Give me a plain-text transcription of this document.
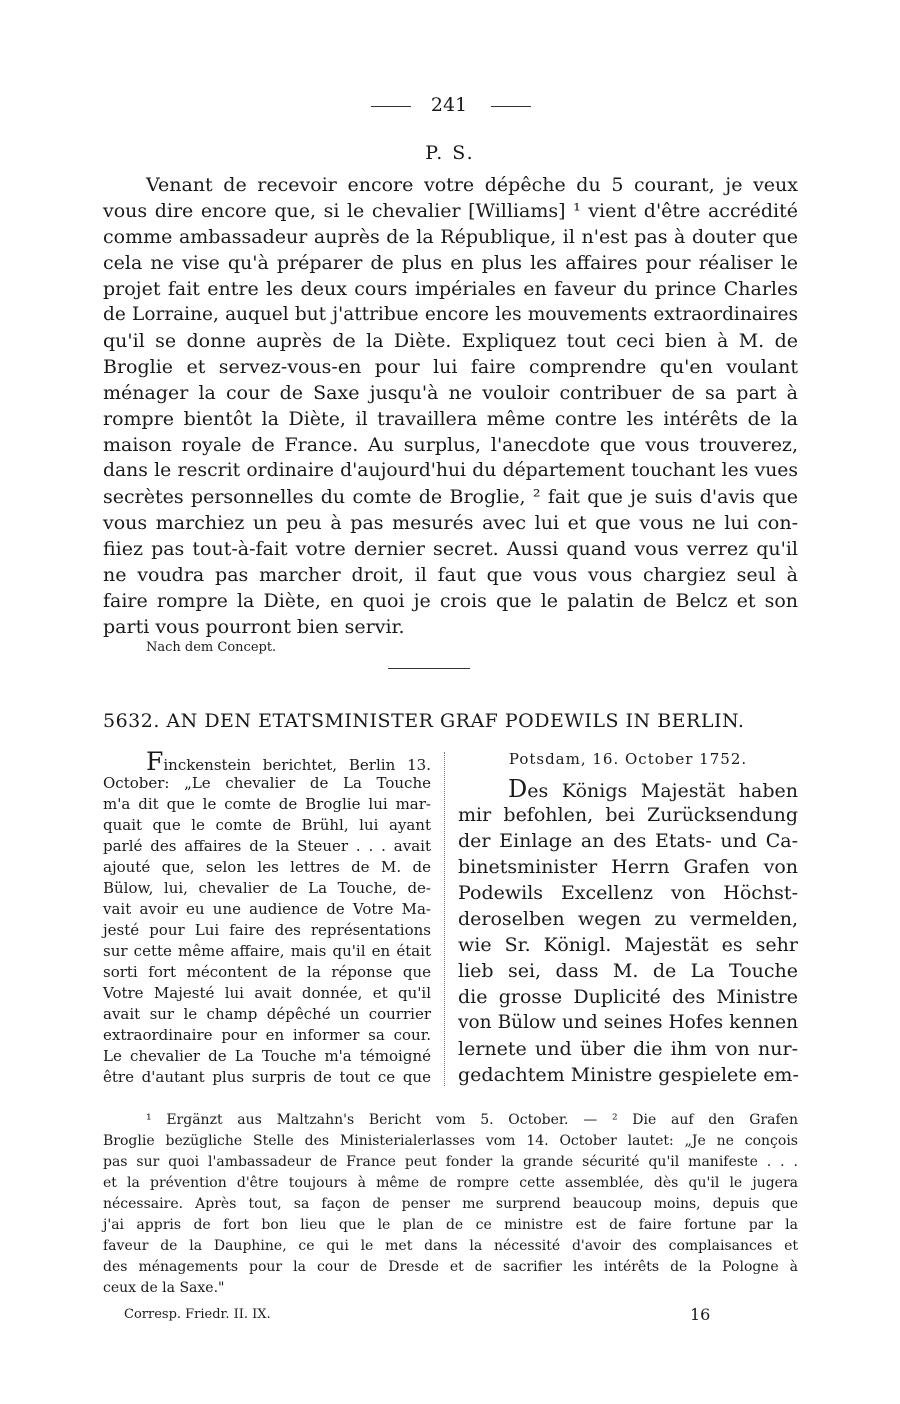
241
P. S.
Venant de recevoir encore votre dépêche du 5 courant, je veux
vous dire encore que, si le chevalier [Williams] ¹ vient d'être accrédité
comme ambassadeur auprès de la République, il n'est pas à douter que
cela ne vise qu'à préparer de plus en plus les affaires pour réaliser le
projet fait entre les deux cours impériales en faveur du prince Charles
de Lorraine, auquel but j'attribue encore les mouvements extraordinaires
qu'il se donne auprès de la Diète. Expliquez tout ceci bien à M. de
Broglie et servez-vous-en pour lui faire comprendre qu'en voulant
ménager la cour de Saxe jusqu'à ne vouloir contribuer de sa part à
rompre bientôt la Diète, il travaillera même contre les intérêts de la
maison royale de France. Au surplus, l'anecdote que vous trouverez,
dans le rescrit ordinaire d'aujourd'hui du département touchant les vues
secrètes personnelles du comte de Broglie, ² fait que je suis d'avis que
vous marchiez un peu à pas mesurés avec lui et que vous ne lui con-
fiiez pas tout-à-fait votre dernier secret. Aussi quand vous verrez qu'il
ne voudra pas marcher droit, il faut que vous vous chargiez seul à
faire rompre la Diète, en quoi je crois que le palatin de Belcz et son
parti vous pourront bien servir.
Nach dem Concept.
5632. AN DEN ETATSMINISTER GRAF PODEWILS IN BERLIN.
Finckenstein berichtet, Berlin 13.
October: „Le chevalier de La Touche
m'a dit que le comte de Broglie lui mar-
quait que le comte de Brühl, lui ayant
parlé des affaires de la Steuer . . . avait
ajouté que, selon les lettres de M. de
Bülow, lui, chevalier de La Touche, de-
vait avoir eu une audience de Votre Ma-
jesté pour Lui faire des représentations
sur cette même affaire, mais qu'il en était
sorti fort mécontent de la réponse que
Votre Majesté lui avait donnée, et qu'il
avait sur le champ dépêché un courrier
extraordinaire pour en informer sa cour.
Le chevalier de La Touche m'a témoigné
être d'autant plus surpris de tout ce que
Potsdam, 16. October 1752.
Des Königs Majestät haben
mir befohlen, bei Zurücksendung
der Einlage an des Etats- und Ca-
binetsminister Herrn Grafen von
Podewils Excellenz von Höchst-
deroselben wegen zu vermelden,
wie Sr. Königl. Majestät es sehr
lieb sei, dass M. de La Touche
die grosse Duplicité des Ministre
von Bülow und seines Hofes kennen
lernete und über die ihm von nur-
gedachtem Ministre gespielete em-
¹ Ergänzt aus Maltzahn's Bericht vom 5. October. — ² Die auf den Grafen
Broglie bezügliche Stelle des Ministerialerlasses vom 14. October lautet: „Je ne conçois
pas sur quoi l'ambassadeur de France peut fonder la grande sécurité qu'il manifeste . . .
et la prévention d'être toujours à même de rompre cette assemblée, dès qu'il le jugera
nécessaire. Après tout, sa façon de penser me surprend beaucoup moins, depuis que
j'ai appris de fort bon lieu que le plan de ce ministre est de faire fortune par la
faveur de la Dauphine, ce qui le met dans la nécessité d'avoir des complaisances et
des ménagements pour la cour de Dresde et de sacrifier les intérêts de la Pologne à
ceux de la Saxe."
Corresp. Friedr. II. IX.	16
